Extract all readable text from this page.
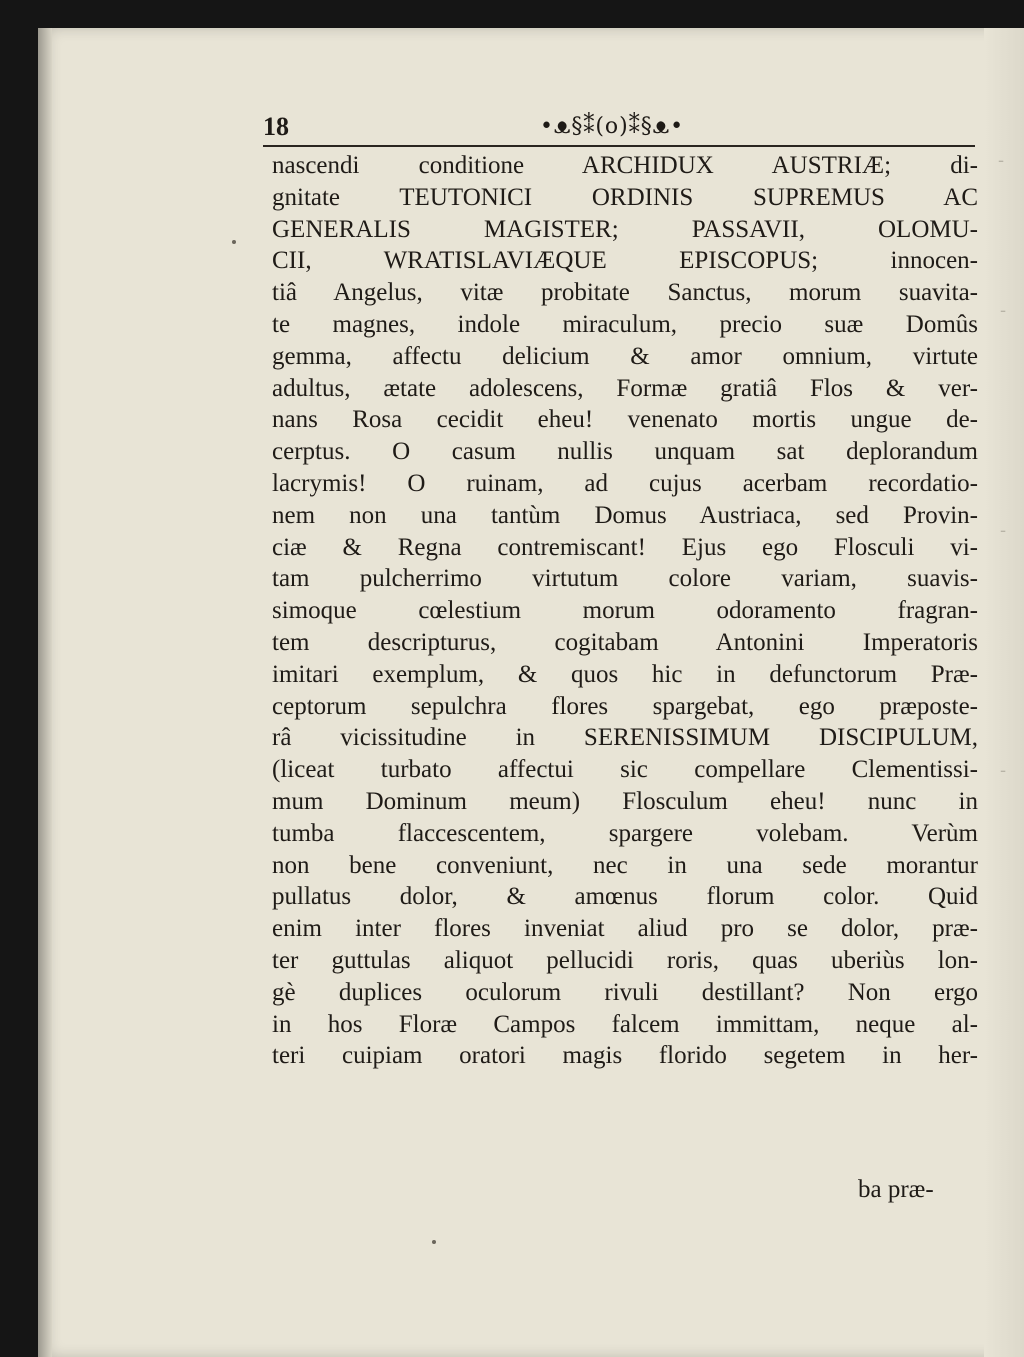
-
-
-
-
18	•ᴥ§⁑(o)⁑§ᴥ•
nascendi conditione ARCHIDUX AUSTRIÆ; di-
gnitate TEUTONICI ORDINIS SUPREMUS AC
GENERALIS MAGISTER; PASSAVII, OLOMU-
CII, WRATISLAVIÆQUE EPISCOPUS; innocen-
tiâ Angelus, vitæ probitate Sanctus, morum suavita-
te magnes, indole miraculum, precio suæ Domûs
gemma, affectu delicium & amor omnium, virtute
adultus, ætate adolescens, Formæ gratiâ Flos & ver-
nans Rosa cecidit eheu! venenato mortis ungue de-
cerptus. O casum nullis unquam sat deplorandum
lacrymis! O ruinam, ad cujus acerbam recordatio-
nem non una tantùm Domus Austriaca, sed Provin-
ciæ & Regna contremiscant! Ejus ego Flosculi vi-
tam pulcherrimo virtutum colore variam, suavis-
simoque cœlestium morum odoramento fragran-
tem descripturus, cogitabam Antonini Imperatoris
imitari exemplum, & quos hic in defunctorum Præ-
ceptorum sepulchra flores spargebat, ego præposte-
râ vicissitudine in SERENISSIMUM DISCIPULUM,
(liceat turbato affectui sic compellare Clementissi-
mum Dominum meum) Flosculum eheu! nunc in
tumba flaccescentem, spargere volebam. Verùm
non bene conveniunt, nec in una sede morantur
pullatus dolor, & amœnus florum color. Quid
enim inter flores inveniat aliud pro se dolor, præ-
ter guttulas aliquot pellucidi roris, quas uberiùs lon-
gè duplices oculorum rivuli destillant? Non ergo
in hos Floræ Campos falcem immittam, neque al-
teri cuipiam oratori magis florido segetem in her-
ba præ-
